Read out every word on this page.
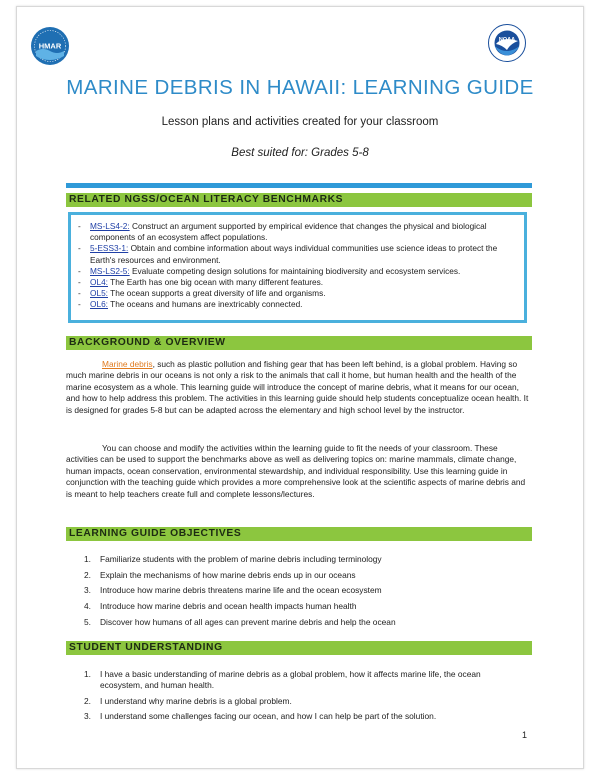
HMAR
NOAA
MARINE DEBRIS IN HAWAII: LEARNING GUIDE
Lesson plans and activities created for your classroom
Best suited for: Grades 5-8
RELATED NGSS/OCEAN LITERACY BENCHMARKS
- MS-LS4-2: Construct an argument supported by empirical evidence that changes the physical and biological components of an ecosystem affect populations.
- 5-ESS3-1: Obtain and combine information about ways individual communities use science ideas to protect the Earth's resources and environment.
- MS-LS2-5: Evaluate competing design solutions for maintaining biodiversity and ecosystem services.
- OL4: The Earth has one big ocean with many different features.
- OL5: The ocean supports a great diversity of life and organisms.
- OL6: The oceans and humans are inextricably connected.
BACKGROUND & OVERVIEW
Marine debris, such as plastic pollution and fishing gear that has been left behind, is a global problem. Having so much marine debris in our oceans is not only a risk to the animals that call it home, but human health and the health of the marine ecosystem as a whole. This learning guide will introduce the concept of marine debris, what it means for our ocean, and how to help address this problem. The activities in this learning guide should help students conceptualize ocean health. It is designed for grades 5-8 but can be adapted across the elementary and high school level by the instructor.
You can choose and modify the activities within the learning guide to fit the needs of your classroom. These activities can be used to support the benchmarks above as well as delivering topics on: marine mammals, climate change, human impacts, ocean conservation, environmental stewardship, and individual responsibility. Use this learning guide in conjunction with the teaching guide which provides a more comprehensive look at the scientific aspects of marine debris and is meant to help teachers create full and complete lessons/lectures.
LEARNING GUIDE OBJECTIVES
1. Familiarize students with the problem of marine debris including terminology
2. Explain the mechanisms of how marine debris ends up in our oceans
3. Introduce how marine debris threatens marine life and the ocean ecosystem
4. Introduce how marine debris and ocean health impacts human health
5. Discover how humans of all ages can prevent marine debris and help the ocean
STUDENT UNDERSTANDING
1. I have a basic understanding of marine debris as a global problem, how it affects marine life, the ocean ecosystem, and human health.
2. I understand why marine debris is a global problem.
3. I understand some challenges facing our ocean, and how I can help be part of the solution.
1
